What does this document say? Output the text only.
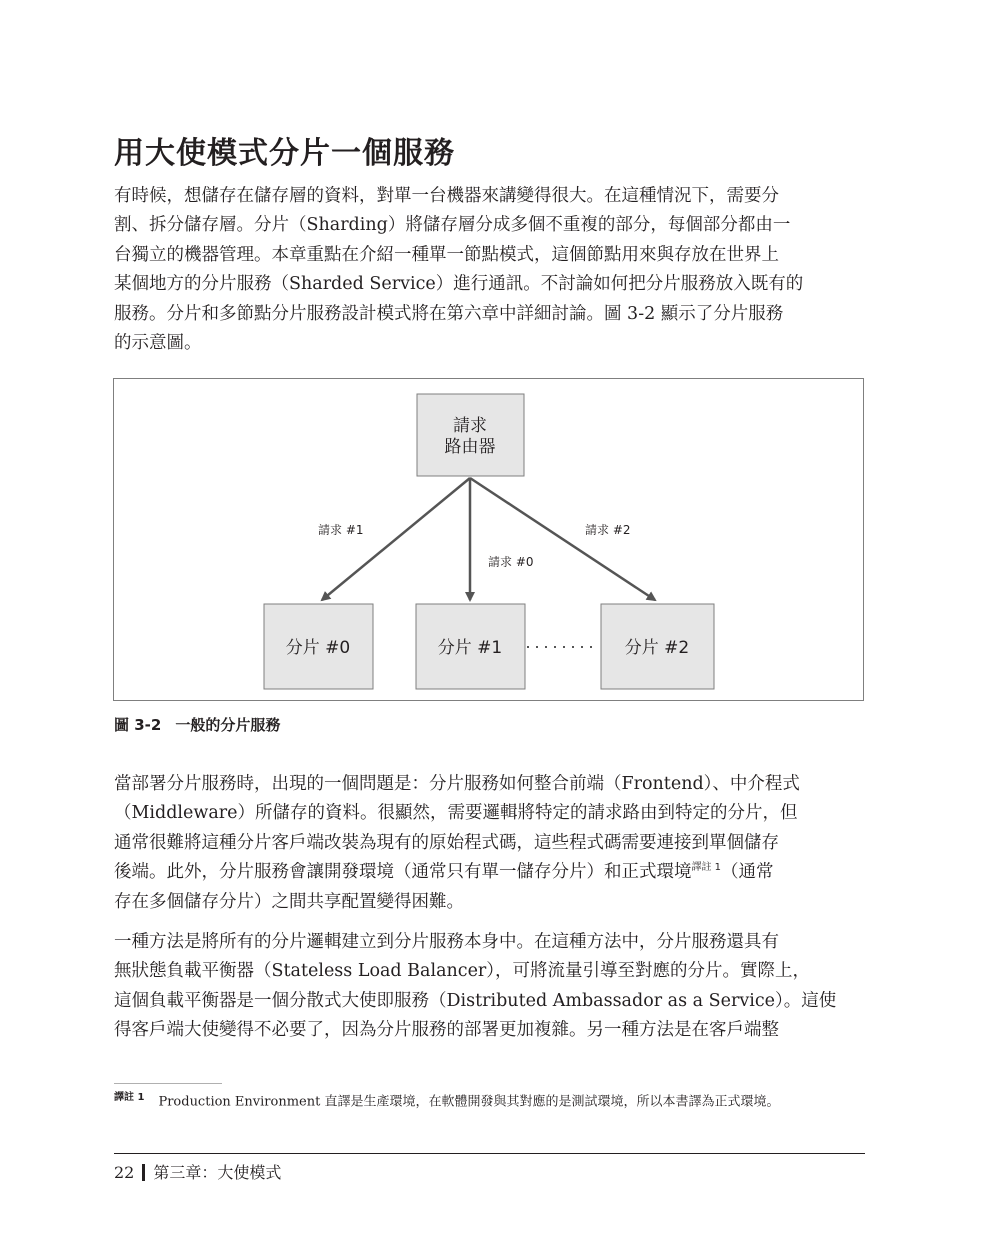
用大使模式分片一個服務

有時候，想儲存在儲存層的資料，對單一台機器來講變得很大。在這種情況下，需要分
割、拆分儲存層。分片（Sharding）將儲存層分成多個不重複的部分，每個部分都由一
台獨立的機器管理。本章重點在介紹一種單一節點模式，這個節點用來與存放在世界上
某個地方的分片服務（Sharded Service）進行通訊。不討論如何把分片服務放入既有的
服務。分片和多節點分片服務設計模式將在第六章中詳細討論。圖 3-2 顯示了分片服務
的示意圖。

請求
路由器
請求 #1
請求 #0
請求 #2
分片 #0	分片 #1	分片 #2

圖 3-2 一般的分片服務

當部署分片服務時，出現的一個問題是：分片服務如何整合前端（Frontend）、中介程式
（Middleware）所儲存的資料。很顯然，需要邏輯將特定的請求路由到特定的分片，但
通常很難將這種分片客戶端改裝為現有的原始程式碼，這些程式碼需要連接到單個儲存
後端。此外，分片服務會讓開發環境（通常只有單一儲存分片）和正式環境$^{譯註 1}$（通常
存在多個儲存分片）之間共享配置變得困難。

一種方法是將所有的分片邏輯建立到分片服務本身中。在這種方法中，分片服務還具有
無狀態負載平衡器（Stateless Load Balancer），可將流量引導至對應的分片。實際上，
這個負載平衡器是一個分散式大使即服務（Distributed Ambassador as a Service）。這使
得客戶端大使變得不必要了，因為分片服務的部署更加複雜。另一種方法是在客戶端整

$^{譯註 1}$ Production Environment 直譯是生產環境，在軟體開發與其對應的是測試環境，所以本書譯為正式環境。

22 第三章：大使模式
